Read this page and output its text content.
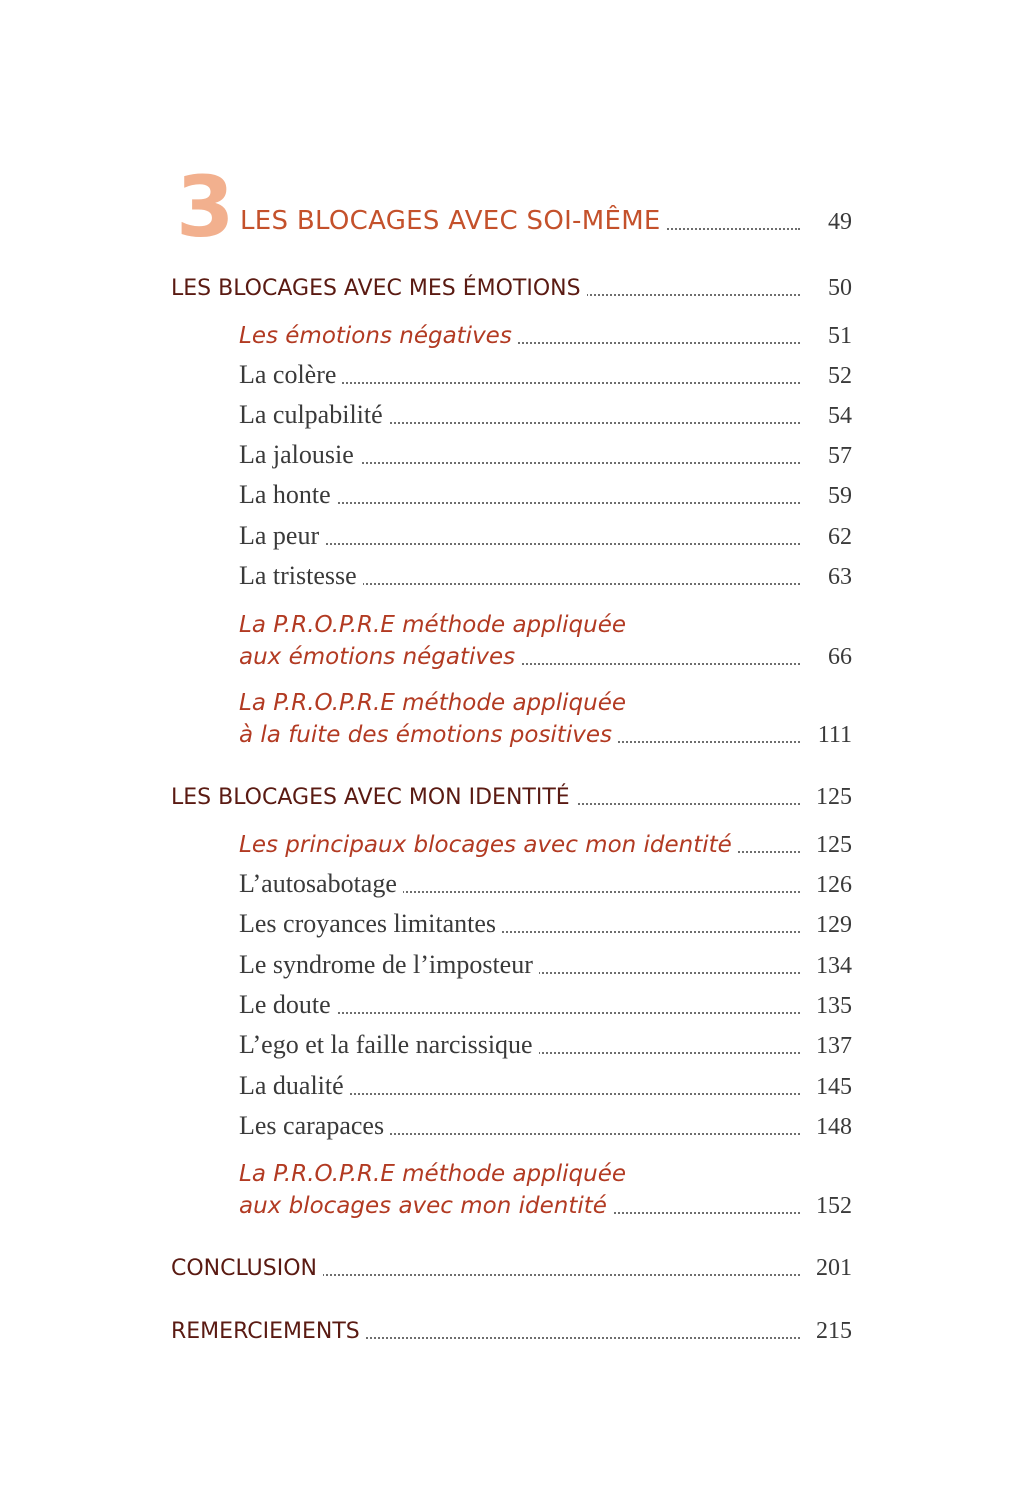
3 LES BLOCAGES AVEC SOI-MÊME	49
LES BLOCAGES AVEC MES ÉMOTIONS	50
Les émotions négatives	51
La colère	52
La culpabilité	54
La jalousie	57
La honte	59
La peur	62
La tristesse	63
La P.R.O.P.R.E méthode appliquée
aux émotions négatives	66
La P.R.O.P.R.E méthode appliquée
à la fuite des émotions positives	111
LES BLOCAGES AVEC MON IDENTITÉ	125
Les principaux blocages avec mon identité	125
L’autosabotage	126
Les croyances limitantes	129
Le syndrome de l’imposteur	134
Le doute	135
L’ego et la faille narcissique	137
La dualité	145
Les carapaces	148
La P.R.O.P.R.E méthode appliquée
aux blocages avec mon identité	152
CONCLUSION	201
REMERCIEMENTS	215
